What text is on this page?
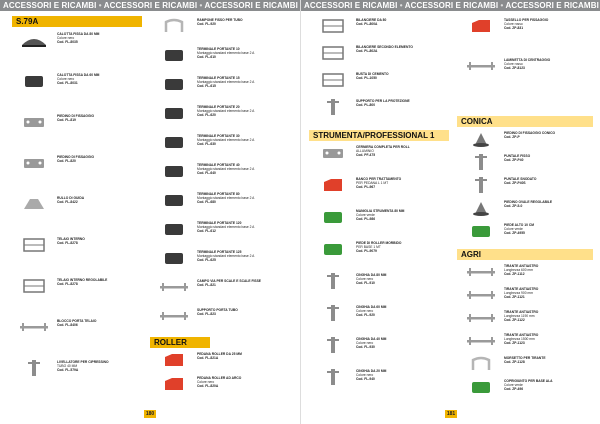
ACCESSORI E RICAMBI • ACCESSORI E RICAMBI • ACCESSORI E RICAMBI
S.79A
CALOTTA FISSA DA 80 MM
Colore nero
Cod. FL-8035
CALOTTA FISSA DA 60 MM
Colore nero
Cod. FL-8031
PIEDINO DI FISSAGGIO
Cod. FL-819
PIEDINO DI FISSAGGIO
Cod. FL-820
RULLO DI GUIDA
Cod. FL-8422
TELAIO INTERNO
Cod. FL-8278
TELAIO INTERNO REGOLABILE
Cod. FL-8278
BLOCCO PORTA TELAIO
Cod. FL-8406
LIVELLATORE PER CIPRESSINO
TUBO 40 MM
Cod. FL-579A
RAMPONE FISSO PER TUBO
Cod. FL-920
TERMINALE PORTANTE 10
Montaggio standard elemento base 2 A
Cod. FL-610
TERMINALE PORTANTE 15
Montaggio standard elemento base 2 A
Cod. FL-615
TERMINALE PORTANTE 20
Montaggio standard elemento base 2 A
Cod. FL-620
TERMINALE PORTANTE 30
Montaggio standard elemento base 2 A
Cod. FL-630
TERMINALE PORTANTE 40
Montaggio standard elemento base 2 A
Cod. FL-640
TERMINALE PORTANTE 80
Montaggio standard elemento base 2 A
Cod. FL-680
TERMINALE PORTANTE 120
Montaggio standard elemento base 2 A
Cod. FL-612
TERMINALE PORTANTE 125
Montaggio standard elemento base 2 A
Cod. FL-625
CAMPO VIA PER SCALE E SCALE FISSE
Cod. FL-821
SUPPORTO PORTA TUBO
Cod. FL-823
ROLLER
PEDANA ROLLER DA 25 MM
Cod. FL-821A
PEDANA ROLLER AD ARCO
Colore nero
Cod. FL-820A
180
ACCESSORI E RICAMBI • ACCESSORI E RICAMBI • ACCESSORI E RICAMBI
BILANCIERE DA 80
Cod. PL-800A
BILANCIERE SECONDO ELEMENTO
Cod. PL-802A
BUSTA DI CEMENTO
Cod. PL-1050
SUPPORTO PER LA PROTEZIONE
Cod. PL-800
STRUMENTA/PROFESSIONAL 1
CERNIERA COMPLETA PER ROLL
ALLUMINIO
Cod. PF-475
BANCO PER TRATTAMENTO
PER PEDANA L 1 MT
Cod. PL-967
MANIGLIA STRUMENTA 80 MM
Colore verde
Cod. PL-986
PIEDE DI ROLLER MORBIDO
PER BASE 1 MT
Cod. PL-9079
CINGHIA DA 80 MM
Colore nero
Cod. FL-910
CINGHIA DA 60 MM
Colore nero
Cod. FL-920
CINGHIA DA 40 MM
Colore nero
Cod. FL-930
CINGHIA DA 20 MM
Colore nero
Cod. FL-940
TASSELLO PER FISSAGGIO
Colore rosso
Cod. ZP-831
LAMINETTA DI CENTRAGGIO
Colore rosso
Cod. ZP-8123
CONICA
PIEDINO DI FISSAGGIO CONICO
Cod. ZP-P
PUNTALE FISSO
Cod. ZP-P40
PUNTALE SNODATO
Cod. ZP-P40S
PIEDINO OVALE REGOLABILE
Cod. ZP-5-0
PIEDE ALTO 10 CM
Colore verde
Cod. ZP-4955
AGRI
TIRANTE ANTIASTRO
Lunghezza 600 mm
Cod. ZP-1112
TIRANTE ANTIASTRO
Lunghezza 900 mm
Cod. ZP-1121
TIRANTE ANTIASTRO
Lunghezza 1190 mm
Cod. ZP-1122
TIRANTE ANTIASTRO
Lunghezza 1500 mm
Cod. ZP-1123
MORSETTO PER TIRANTE
Cod. ZP-1128
COPRIGIUNTO PER BASE ALA
Colore verde
Cod. ZP-496
181
